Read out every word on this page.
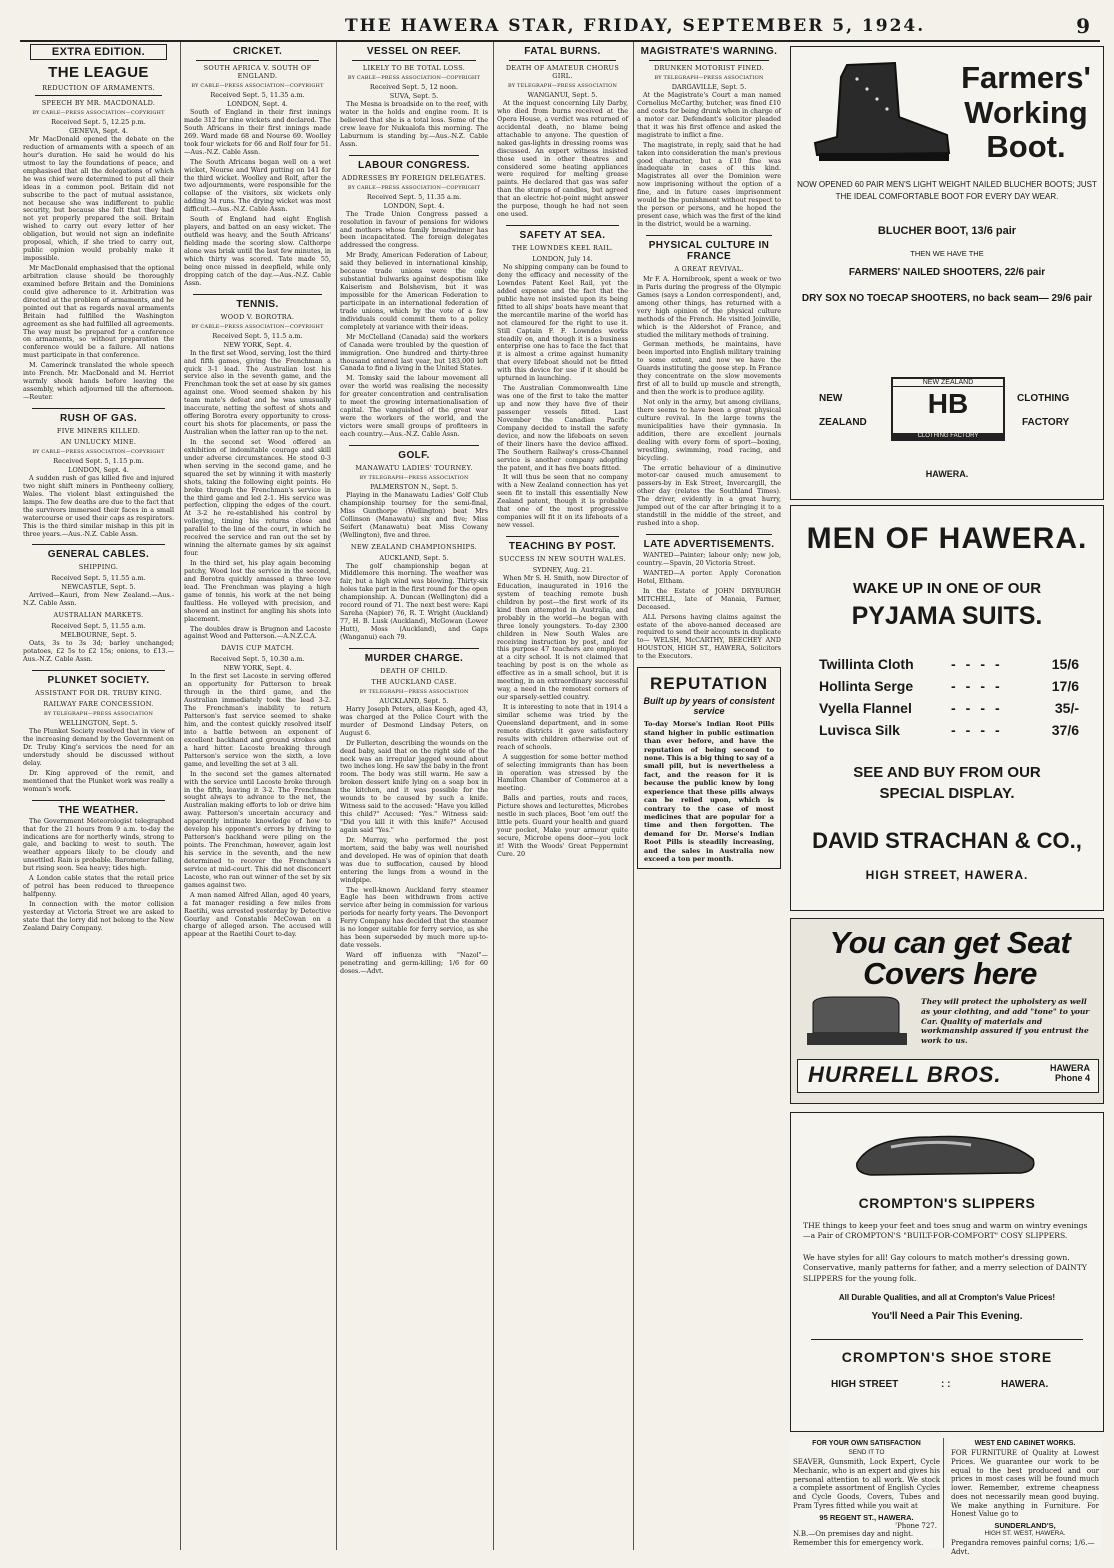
THE HAWERA STAR, FRIDAY, SEPTEMBER 5, 1924.	9
EXTRA EDITION.
THE LEAGUE
REDUCTION OF ARMAMENTS.
SPEECH BY MR. MACDONALD.
BY CABLE—PRESS ASSOCIATION—COPYRIGHT
Received Sept. 5, 12.25 p.m.
GENEVA, Sept. 4.

Mr MacDonald opened the debate on the reduction of armaments with a speech of an hour's duration. He said he would do his utmost to lay the foundations of peace, and emphasised that all the delegations of which he was chief were determined to put all their ideas in a common pool. Britain did not subscribe to the pact of mutual assistance, not because she was indifferent to public security, but because she felt that they had not yet properly prepared the soil. Britain wished to carry out every letter of her obligation, but would not sign an indefinite proposal, which, if she tried to carry out, public opinion would probably make it impossible.

Mr MacDonald emphasised that the optional arbitration clause should be thoroughly examined before Britain and the Dominions could give adherence to it. Arbitration was directed at the problem of armaments, and he pointed out that as regards naval armaments Britain had fulfilled the Washington agreement as she had fulfilled all agreements. The way must be prepared for a conference on armaments, so without preparation the conference would be a failure. All nations must participate in that conference.

M. Camerinck translated the whole speech into French. Mr. MacDonald and M. Herriot warmly shook hands before leaving the assembly, which adjourned till the afternoon.—Reuter.

RUSH OF GAS.
FIVE MINERS KILLED.
AN UNLUCKY MINE.
BY CABLE—PRESS ASSOCIATION—COPYRIGHT
Received Sept. 5, 1.15 p.m.
LONDON, Sept. 4.

A sudden rush of gas killed five and injured two night shift miners in Pontheeny colliery, Wales. The violent blast extinguished the lamps. The few deaths are due to the fact that the survivors immersed their faces in a small watercourse or used their caps as respirators. This is the third similar mishap in this pit in three years.—Aus.-N.Z. Cable Assn.

GENERAL CABLES.
SHIPPING.
Received Sept. 5, 11.55 a.m.
NEWCASTLE, Sept. 5.

Arrived—Kauri, from New Zealand.—Aus.-N.Z. Cable Assn.

AUSTRALIAN MARKETS.
Received Sept. 5, 11.55 a.m.
MELBOURNE, Sept. 5.

Oats, 3s to 3s 3d; barley unchanged; potatoes, £2 5s to £2 15s; onions, to £13.—Aus.-N.Z. Cable Assn.

PLUNKET SOCIETY.
ASSISTANT FOR DR. TRUBY KING.
RAILWAY FARE CONCESSION.
BY TELEGRAPH—PRESS ASSOCIATION
WELLINGTON, Sept. 5.

The Plunket Society resolved that in view of the increasing demand by the Government on Dr. Truby King's services the need for an understudy should be discussed without delay.

Dr. King approved of the remit, and mentioned that the Plunket work was really a woman's work.

THE WEATHER.

The Government Meteorologist telegraphed that for the 21 hours from 9 a.m. to-day the indications are for northerly winds, strong to gale, and backing to west to south. The weather appears likely to be cloudy and unsettled. Rain is probable. Barometer falling, but rising soon. Sea heavy; tides high.

A London cable states that the retail price of petrol has been reduced to threepence halfpenny.

In connection with the motor collision yesterday at Victoria Street we are asked to state that the lorry did not belong to the New Zealand Dairy Company.

CRICKET.
SOUTH AFRICA V. SOUTH OF ENGLAND.
BY CABLE—PRESS ASSOCIATION—COPYRIGHT
Received Sept. 5, 11.35 a.m.
LONDON, Sept. 4.

South of England in their first innings made 312 for nine wickets and declared. The South Africans in their first innings made 269. Ward made 68 and Nourse 69. Woolley took four wickets for 66 and Rolf four for 51.—Aus.-N.Z. Cable Assn.

The South Africans began well on a wet wicket, Nourse and Ward putting on 141 for the third wicket. Woolley and Rolf, after the two adjournments, were responsible for the collapse of the visitors, six wickets only adding 34 runs. The drying wicket was most difficult.—Aus.-N.Z. Cable Assn.

South of England had eight English players, and batted on an easy wicket. The outfield was heavy, and the South Africans' fielding made the scoring slow. Calthorpe alone was brisk until the last few minutes, in which thirty was scored. Tate made 55, being once missed in deepfield, while only dropping catch of the day.—Aus.-N.Z. Cable Assn.

TENNIS.
WOOD V. BOROTRA.
BY CABLE—PRESS ASSOCIATION—COPYRIGHT
Received Sept. 5, 11.5 a.m.
NEW YORK, Sept. 4.

In the first set Wood, serving, lost the third and fifth games, giving the Frenchman a quick 3-1 lead. The Australian lost his service also in the seventh game, and the Frenchman took the set at ease by six games against one. Wood seemed shaken by his team mate's defeat and he was unusually inaccurate, netting the softest of shots and offering Borotra every opportunity to cross-court his shots for placements, or pass the Australian when the latter ran up to the net.

In the second set Wood offered an exhibition of indomitable courage and skill under adverse circumstances. He stood 0-3 when serving in the second game, and he squared the set by winning it with masterly shots, taking the following eight points. He broke through the Frenchman's service in the third game and led 2-1. His service was perfection, clipping the edges of the court. At 3-2 he re-established his control by volleying, timing his returns close and parallel to the line of the court, in which he received the service and ran out the set by winning the alternate games by six against four.

In the third set, his play again becoming patchy, Wood lost the service in the second, and Borotra quickly amassed a three love lead. The Frenchman was playing a high game of tennis, his work at the net being faultless. He volleyed with precision, and showed an instinct for angling his shots into placement.

The doubles draw is Brugnon and Lacoste against Wood and Patterson.—A.N.Z.C.A.

DAVIS CUP MATCH.
Received Sept. 5, 10.30 a.m.
NEW YORK, Sept. 4.

In the first set Lacoste in serving offered an opportunity for Patterson to break through in the third game, and the Australian immediately took the lead 3-2. The Frenchman's inability to return Patterson's fast service seemed to shake him, and the contest quickly resolved itself into a battle between an exponent of excellent backhand and ground strokes and a hard hitter. Lacoste breaking through Patterson's service won the sixth, a love game, and levelling the set at 3 all.

In the second set the games alternated with the service until Lacoste broke through in the fifth, leaving it 3-2. The Frenchman sought always to advance to the net, the Australian making efforts to lob or drive him away. Patterson's uncertain accuracy and apparently intimate knowledge of how to develop his opponent's errors by driving to Patterson's backhand were piling on the points. The Frenchman, however, again lost his service in the seventh, and the new determined to recover the Frenchman's service at mid-court. This did not disconcert Lacoste, who ran out winner of the set by six games against two.

A man named Alfred Allan, aged 40 years, a fat manager residing a few miles from Raetihi, was arrested yesterday by Detective Gourlay and Constable McCowan on a charge of alleged arson. The accused will appear at the Raetihi Court to-day.

VESSEL ON REEF.
LIKELY TO BE TOTAL LOSS.
BY CABLE—PRESS ASSOCIATION—COPYRIGHT
Received Sept. 5, 12 noon.
SUVA, Sept. 5.

The Mesna is broadside on to the reef, with water in the holds and engine room. It is believed that she is a total loss. Some of the crew leave for Nukualofa this morning. The Laburnum is standing by.—Aus.-N.Z. Cable Assn.

LABOUR CONGRESS.
ADDRESSES BY FOREIGN DELEGATES.
BY CABLE—PRESS ASSOCIATION—COPYRIGHT
Received Sept. 5, 11.35 a.m.
LONDON, Sept. 4.

The Trade Union Congress passed a resolution in favour of pensions for widows and mothers whose family breadwinner has been incapacitated. The foreign delegates addressed the congress.

Mr Brady, American Federation of Labour, said they believed in international kinship, because trade unions were the only substantial bulwarks against despotism like Kaiserism and Bolshevism, but it was impossible for the American Federation to participate in an international federation of trade unions, which by the vote of a few individuals could commit them to a policy completely at variance with their ideas.

Mr McClelland (Canada) said the workers of Canada were troubled by the question of immigration. One hundred and thirty-three thousand entered last year, but 183,000 left Canada to find a living in the United States.

M. Tomsky said the labour movement all over the world was realising the necessity for greater concentration and centralisation to meet the growing internationalisation of capital. The vanguished of the great war were the workers of the world, and the victors were small groups of profiteers in each country.—Aus.-N.Z. Cable Assn.

GOLF.
MANAWATU LADIES' TOURNEY.
BY TELEGRAPH—PRESS ASSOCIATION
PALMERSTON N., Sept. 5.

Playing in the Manawatu Ladies' Golf Club championship tourney for the semi-final, Miss Gunthorpe (Wellington) beat Mrs Collinson (Manawatu) six and five; Miss Seifert (Manawatu) beat Miss Cowany (Wellington), five and three.

NEW ZEALAND CHAMPIONSHIPS.
AUCKLAND, Sept. 5.

The golf championship began at Middlemore this morning. The weather was fair, but a high wind was blowing. Thirty-six holes take part in the first round for the open championship. A. Duncan (Wellington) did a record round of 71. The next best were: Kapi Sareha (Napier) 76, R. T. Wright (Auckland) 77, H. B. Lusk (Auckland), McGowan (Lower Hutt), Moss (Auckland), and Gaps (Wanganui) each 79.

MURDER CHARGE.
DEATH OF CHILD.
THE AUCKLAND CASE.
BY TELEGRAPH—PRESS ASSOCIATION
AUCKLAND, Sept. 5.

Harry Joseph Peters, alias Keogh, aged 43, was charged at the Police Court with the murder of Desmond Lindsay Peters, on August 6.

Dr Fullerton, describing the wounds on the dead baby, said that on the right side of the neck was an irregular jagged wound about two inches long. He saw the baby in the front room. The body was still warm. He saw a broken dessert knife lying on a soap box in the kitchen, and it was possible for the wounds to be caused by such a knife. Witness said to the accused: "Have you killed this child?" Accused: "Yes." Witness said: "Did you kill it with this knife?" Accused again said "Yes."

Dr. Murray, who performed the post mortem, said the baby was well nourished and developed. He was of opinion that death was due to suffocation, caused by blood entering the lungs from a wound in the windpipe.

The well-known Auckland ferry steamer Eagle has been withdrawn from active service after being in commission for various periods for nearly forty years. The Devonport Ferry Company has decided that the steamer is no longer suitable for ferry service, as she has been superseded by much more up-to-date vessels.

Ward off influenza with "Nazol"—penetrating and germ-killing; 1/6 for 60 doses.—Advt.

FATAL BURNS.
DEATH OF AMATEUR CHORUS GIRL.
BY TELEGRAPH—PRESS ASSOCIATION
WANGANUI, Sept. 5.

At the inquest concerning Lily Darby, who died from burns received at the Opera House, a verdict was returned of accidental death, no blame being attachable to anyone. The question of naked gas-lights in dressing rooms was discussed. An expert witness insisted those used in other theatres and considered some heating appliances were required for melting grease paints. He declared that gas was safer than the stumps of candles, but agreed that an electric hot-point might answer the purpose, though he had not seen one used.

SAFETY AT SEA.
THE LOWNDES KEEL RAIL.
LONDON, July 14.

No shipping company can be found to deny the efficacy and necessity of the Lowndes Patent Keel Rail, yet the added expense and the fact that the public have not insisted upon its being fitted to all ships' boats have meant that the mercantile marine of the world has not clamoured for the right to use it. Still Captain F. F. Lowndes works steadily on, and though it is a business enterprise one has to face the fact that it is almost a crime against humanity that every lifeboat should not be fitted with this device for use if it should be upturned in launching.

The Australian Commonwealth Line was one of the first to take the matter up and now they have five of their passenger vessels fitted. Last November the Canadian Pacific Company decided to install the safety device, and now the lifeboats on seven of their liners have the device affixed. The Southern Railway's cross-Channel service is another company adopting the patent, and it has five boats fitted.

It will thus be seen that no company with a New Zealand connection has yet seen fit to install this essentially New Zealand patent, though it is probable that one of the most progressive companies will fit it on its lifeboats of a new vessel.

TEACHING BY POST.
SUCCESS IN NEW SOUTH WALES.
SYDNEY, Aug. 21.

When Mr S. H. Smith, now Director of Education, inaugurated in 1916 the system of teaching remote bush children by post—the first work of its kind then attempted in Australia, and probably in the world—he began with three lonely youngsters. To-day 2300 children in New South Wales are receiving instruction by post, and for this purpose 47 teachers are employed at a city school. It is not claimed that teaching by post is on the whole as effective as in a small school, but it is meeting, in an extraordinary successful way, a need in the remotest corners of our sparsely-settled country.

It is interesting to note that in 1914 a similar scheme was tried by the Queensland department, and in some remote districts it gave satisfactory results with children otherwise out of reach of schools.

A suggestion for some better method of selecting immigrants than has been in operation was stressed by the Hamilton Chamber of Commerce at a meeting.

Balls and parties, routs and races, Picture shows and lecturettes, Microbes nestle in such places, Boot 'em out! the little pets. Guard your health and guard your pocket, Make your armour quite secure, Microbe opens door—you lock it! With the Woods' Great Peppermint Cure. 20

MAGISTRATE'S WARNING.
DRUNKEN MOTORIST FINED.
BY TELEGRAPH—PRESS ASSOCIATION
DARGAVILLE, Sept. 5.

At the Magistrate's Court a man named Cornelius McCarthy, butcher, was fined £10 and costs for being drunk when in charge of a motor car. Defendant's solicitor pleaded that it was his first offence and asked the magistrate to inflict a fine.

The magistrate, in reply, said that he had taken into consideration the man's previous good character, but a £10 fine was inadequate in cases of this kind. Magistrates all over the Dominion were now imprisoning without the option of a fine, and in future cases imprisonment would be the punishment without respect to the person or persons, and he hoped the present case, which was the first of the kind in the district, would be a warning.

PHYSICAL CULTURE IN FRANCE
A GREAT REVIVAL.

Mr F. A. Hornibrook, spent a week or two in Paris during the progress of the Olympic Games (says a London correspondent), and, among other things, has returned with a very high opinion of the physical culture methods of the French. He visited Joinville, which is the Aldershot of France, and studied the military methods of training.

German methods, he maintains, have been imported into English military training to some extent, and now we have the Guards instituting the goose step. In France they concentrate on the slow movements first of all to build up muscle and strength, and then the work is to produce agility.

Not only in the army, but among civilians, there seems to have been a great physical culture revival. In the large towns the municipalities have their gymnasia. In addition, there are excellent journals dealing with every form of sport—boxing, wrestling, swimming, road racing, and bicycling.

The erratic behaviour of a diminutive motor-car caused much amusement to passers-by in Esk Street, Invercargill, the other day (relates the Southland Times). The driver, evidently in a great hurry, jumped out of the car after bringing it to a standstill in the middle of the street, and rushed into a shop.

LATE ADVERTISEMENTS.

WANTED—Painter; labour only; new job, country.—Spavin, 20 Victoria Street.

WANTED—A porter. Apply Coronation Hotel, Eltham.

In the Estate of JOHN DRYBURGH MITCHELL, late of Manaia, Farmer, Deceased.

ALL Persons having claims against the estate of the above-named deceased are required to send their accounts in duplicate to— WELSH, McCARTHY, BEECHEY AND HOUSTON, HIGH ST., HAWERA, Solicitors to the Executors.

REPUTATION
Built up by years of consistent service
To-day Morse's Indian Root Pills stand higher in public estimation than ever before, and have the reputation of being second to none. This is a big thing to say of a small pill, but is nevertheless a fact, and the reason for it is because the public know by long experience that these pills always can be relied upon, which is contrary to the case of most medicines that are popular for a time and then forgotten. The demand for Dr. Morse's Indian Root Pills is steadily increasing, and the sales in Australia now exceed a ton per month.
Farmers' Working Boot.
NOW OPENED 60 PAIR MEN'S LIGHT WEIGHT NAILED BLUCHER BOOTS; JUST THE IDEAL COMFORTABLE BOOT FOR EVERY DAY WEAR.
BLUCHER BOOT, 13/6 pair
THEN WE HAVE THE
FARMERS' NAILED SHOOTERS, 22/6 pair
DRY SOX NO TOECAP SHOOTERS, no back seam— 29/6 pair
NEW
ZEALAND
CLOTHING
FACTORY
NEW ZEALAND
HB
CLOTHING FACTORY
HAWERA.
MEN OF HAWERA.
WAKE UP IN ONE OF OUR
PYJAMA SUITS.
Twillinta Cloth	----	15/6
Hollinta Serge	----	17/6
Vyella Flannel	----	35/-
Luvisca Silk	----	37/6
SEE AND BUY FROM OUR SPECIAL DISPLAY.
DAVID STRACHAN & CO.,
HIGH STREET, HAWERA.
You can get Seat Covers here
They will protect the upholstery as well as your clothing, and add "tone" to your Car. Quality of materials and workmanship assured if you entrust the work to us.
HURRELL BROS.	HAWERA
Phone 4
CROMPTON'S SLIPPERS
THE things to keep your feet and toes snug and warm on wintry evenings—a Pair of CROMPTON'S "BUILT-FOR-COMFORT" COSY SLIPPERS.
We have styles for all! Gay colours to match mother's dressing gown. Conservative, manly patterns for father, and a merry selection of DAINTY SLIPPERS for the young folk.
All Durable Qualities, and all at Crompton's Value Prices!
You'll Need a Pair This Evening.
CROMPTON'S SHOE STORE
HIGH STREET	: :	HAWERA.
FOR YOUR OWN SATISFACTION
SEND IT TO
SEAVER, Gunsmith, Lock Expert, Cycle Mechanic, who is an expert and gives his personal attention to all work. We stock a complete assortment of English Cycles and Cycle Goods, Covers, Tubes and Pram Tyres fitted while you wait at
95 REGENT ST., HAWERA.
'Phone 727.
N.B.—On premises day and night. Remember this for emergency work.
WEST END CABINET WORKS.
FOR FURNITURE of Quality at Lowest Prices. We guarantee our work to be equal to the best produced and our prices in most cases will be found much lower. Remember, extreme cheapness does not necessarily mean good buying. We make anything in Furniture. For Honest Value go to
SUNDERLAND'S,
HIGH ST. WEST, HAWERA.
Pregandra removes painful corns; 1/6.—Advt.
